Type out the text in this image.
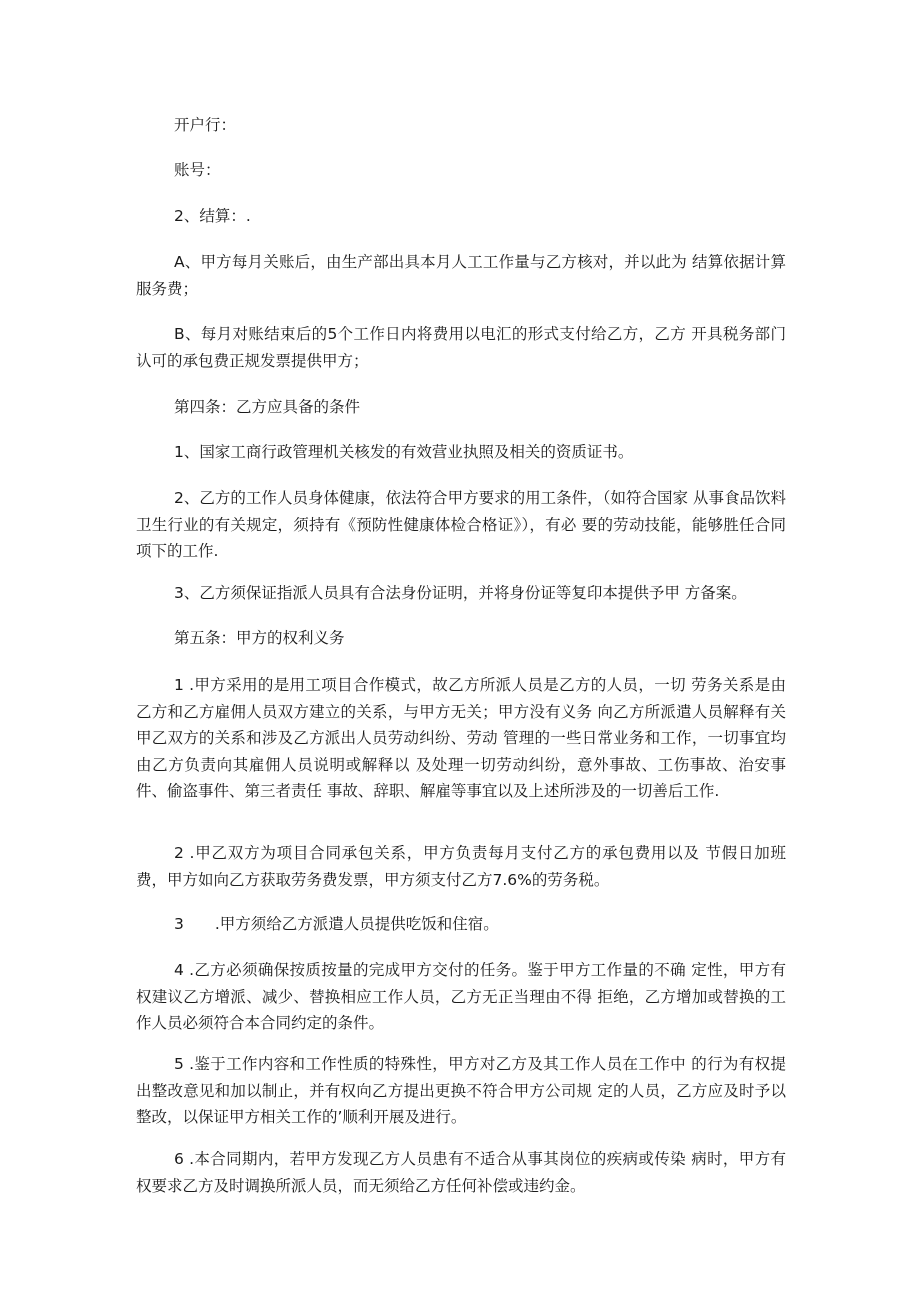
开户行：

账号：

2、结算：.

A、甲方每月关账后，由生产部出具本月人工工作量与乙方核对，并以此为 结算依据计算服务费；

B、每月对账结束后的5个工作日内将费用以电汇的形式支付给乙方，乙方 开具税务部门认可的承包费正规发票提供甲方；

第四条：乙方应具备的条件

1、国家工商行政管理机关核发的有效营业执照及相关的资质证书。

2、乙方的工作人员身体健康，依法符合甲方要求的用工条件，（如符合国家 从事食品饮料卫生行业的有关规定，须持有《预防性健康体检合格证》），有必 要的劳动技能，能够胜任合同项下的工作.

3、乙方须保证指派人员具有合法身份证明，并将身份证等复印本提供予甲 方备案。

第五条：甲方的权利义务

1 .甲方采用的是用工项目合作模式，故乙方所派人员是乙方的人员，一切 劳务关系是由乙方和乙方雇佣人员双方建立的关系，与甲方无关；甲方没有义务 向乙方所派遣人员解释有关甲乙双方的关系和涉及乙方派出人员劳动纠纷、劳动 管理的一些日常业务和工作，一切事宜均由乙方负责向其雇佣人员说明或解释以 及处理一切劳动纠纷，意外事故、工伤事故、治安事件、偷盗事件、第三者责任 事故、辞职、解雇等事宜以及上述所涉及的一切善后工作.

2 .甲乙双方为项目合同承包关系，甲方负责每月支付乙方的承包费用以及 节假日加班费，甲方如向乙方获取劳务费发票，甲方须支付乙方7.6%的劳务税。

3  .甲方须给乙方派遣人员提供吃饭和住宿。

4 .乙方必须确保按质按量的完成甲方交付的任务。鉴于甲方工作量的不确 定性，甲方有权建议乙方增派、减少、替换相应工作人员，乙方无正当理由不得 拒绝，乙方增加或替换的工作人员必须符合本合同约定的条件。

5 .鉴于工作内容和工作性质的特殊性，甲方对乙方及其工作人员在工作中 的行为有权提出整改意见和加以制止，并有权向乙方提出更换不符合甲方公司规 定的人员，乙方应及时予以整改，以保证甲方相关工作的’顺利开展及进行。

6 .本合同期内，若甲方发现乙方人员患有不适合从事其岗位的疾病或传染 病时，甲方有权要求乙方及时调换所派人员，而无须给乙方任何补偿或违约金。
